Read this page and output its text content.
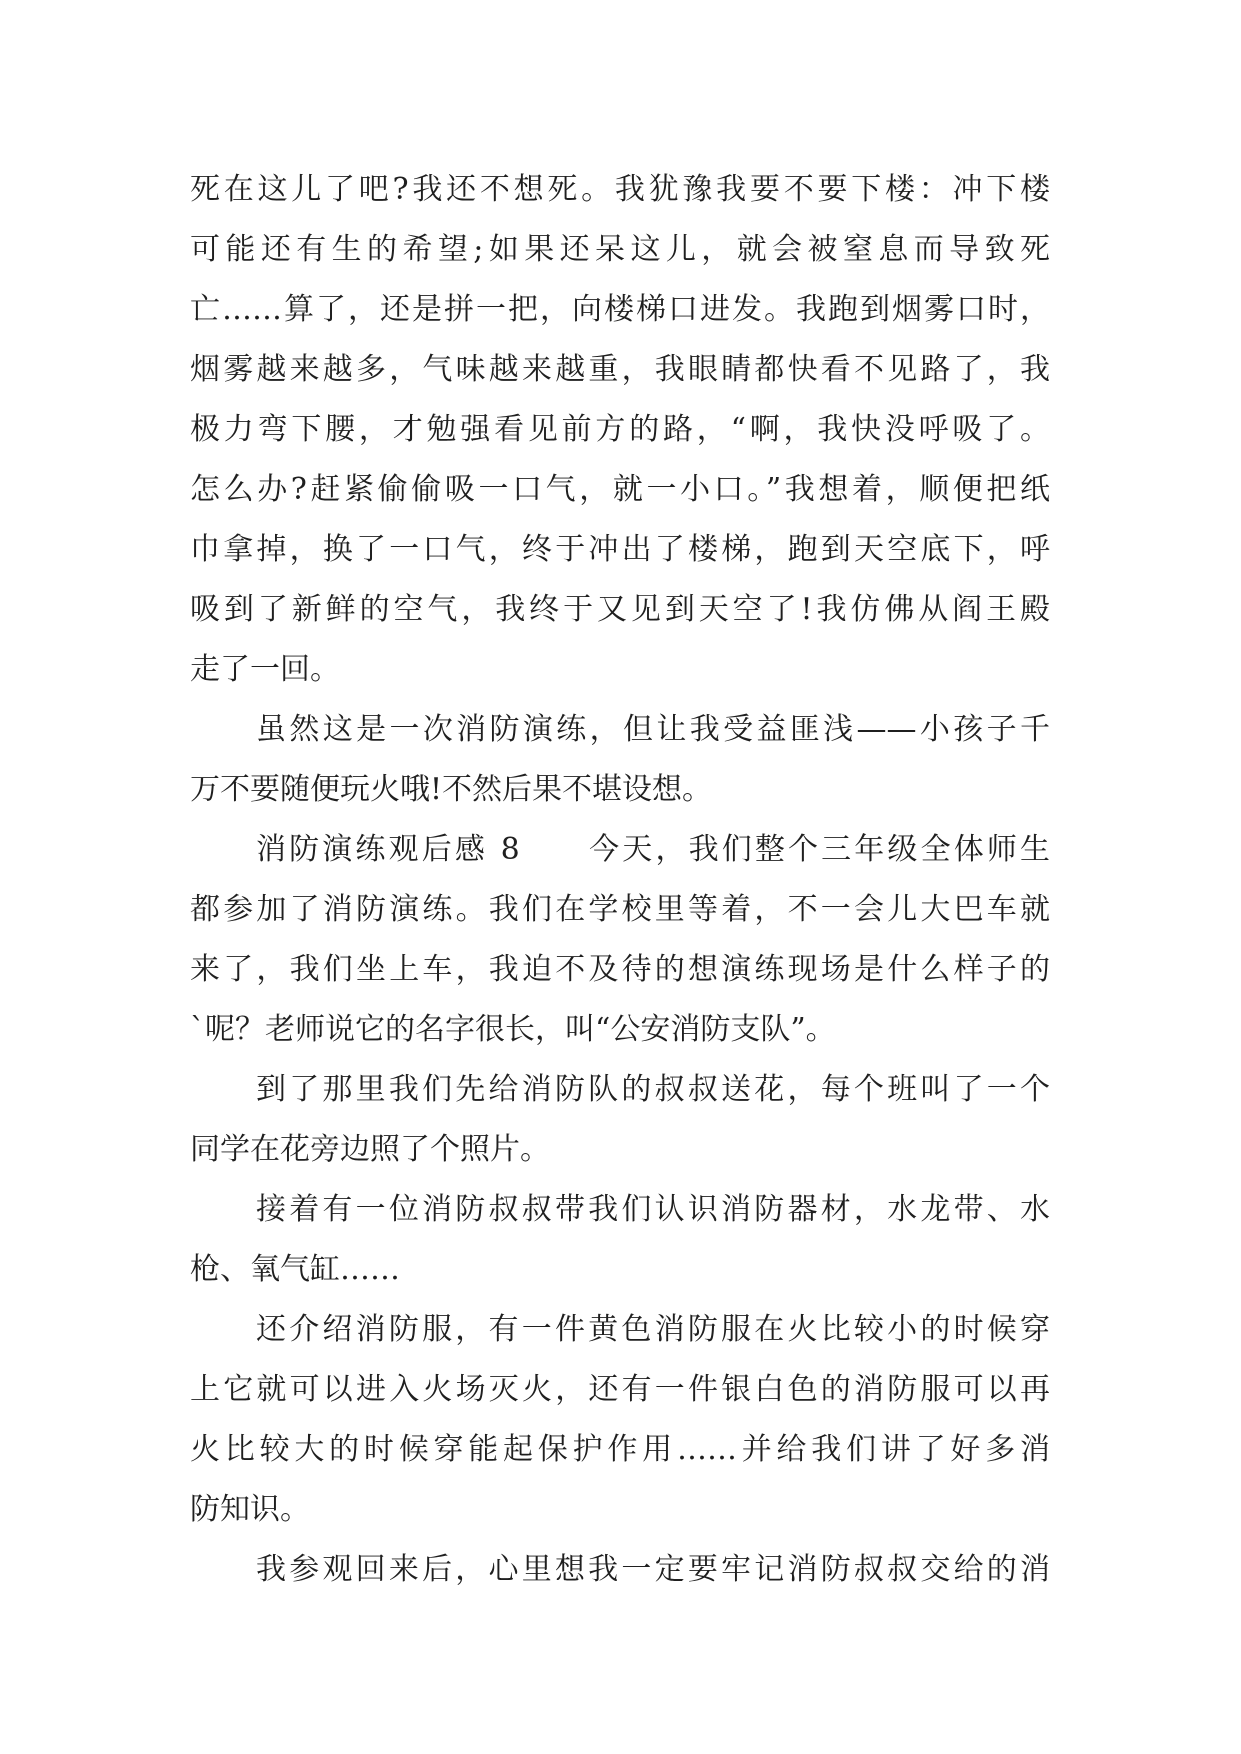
死在这儿了吧?我还不想死。我犹豫我要不要下楼：冲下楼
可能还有生的希望;如果还呆这儿，就会被窒息而导致死
亡……算了，还是拼一把，向楼梯口进发。我跑到烟雾口时，
烟雾越来越多，气味越来越重，我眼睛都快看不见路了，我
极力弯下腰，才勉强看见前方的路，“啊，我快没呼吸了。
怎么办?赶紧偷偷吸一口气，就一小口。”我想着，顺便把纸
巾拿掉，换了一口气，终于冲出了楼梯，跑到天空底下，呼
吸到了新鲜的空气，我终于又见到天空了!我仿佛从阎王殿
走了一回。
虽然这是一次消防演练，但让我受益匪浅——小孩子千
万不要随便玩火哦!不然后果不堪设想。
消防演练观后感 8　　今天，我们整个三年级全体师生
都参加了消防演练。我们在学校里等着，不一会儿大巴车就
来了，我们坐上车，我迫不及待的想演练现场是什么样子的
`呢？老师说它的名字很长，叫“公安消防支队”。
到了那里我们先给消防队的叔叔送花，每个班叫了一个
同学在花旁边照了个照片。
接着有一位消防叔叔带我们认识消防器材，水龙带、水
枪、氧气缸……
还介绍消防服，有一件黄色消防服在火比较小的时候穿
上它就可以进入火场灭火，还有一件银白色的消防服可以再
火比较大的时候穿能起保护作用……并给我们讲了好多消
防知识。
我参观回来后，心里想我一定要牢记消防叔叔交给的消
